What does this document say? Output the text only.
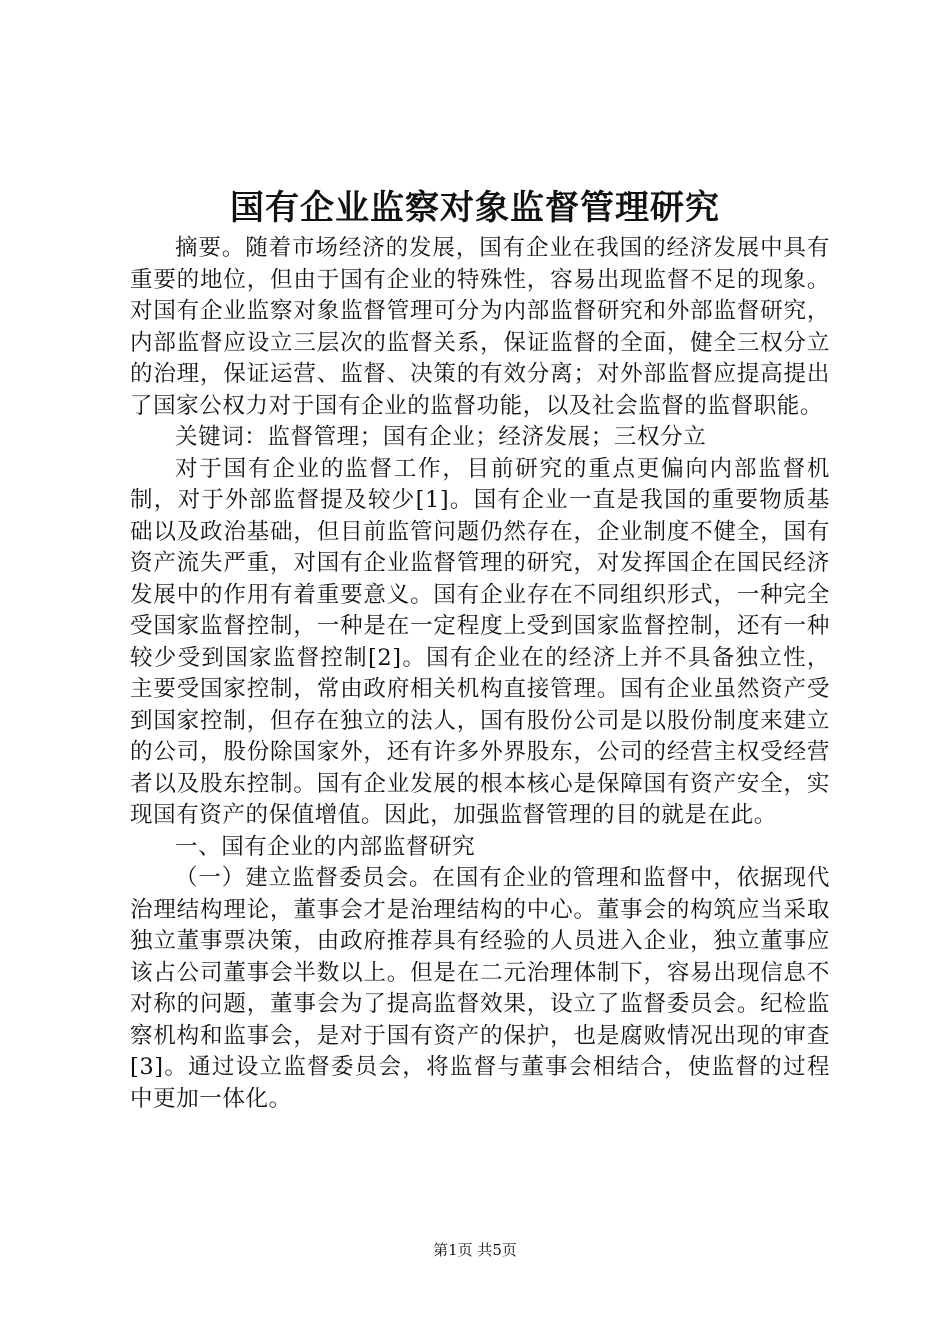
国有企业监察对象监督管理研究

摘要。随着市场经济的发展，国有企业在我国的经济发展中具有重要的地位，但由于国有企业的特殊性，容易出现监督不足的现象。对国有企业监察对象监督管理可分为内部监督研究和外部监督研究，内部监督应设立三层次的监督关系，保证监督的全面，健全三权分立的治理，保证运营、监督、决策的有效分离；对外部监督应提高提出了国家公权力对于国有企业的监督功能，以及社会监督的监督职能。

关键词：监督管理；国有企业；经济发展；三权分立

对于国有企业的监督工作，目前研究的重点更偏向内部监督机制，对于外部监督提及较少[1]。国有企业一直是我国的重要物质基础以及政治基础，但目前监管问题仍然存在，企业制度不健全，国有资产流失严重，对国有企业监督管理的研究，对发挥国企在国民经济发展中的作用有着重要意义。国有企业存在不同组织形式，一种完全受国家监督控制，一种是在一定程度上受到国家监督控制，还有一种较少受到国家监督控制[2]。国有企业在的经济上并不具备独立性，主要受国家控制，常由政府相关机构直接管理。国有企业虽然资产受到国家控制，但存在独立的法人，国有股份公司是以股份制度来建立的公司，股份除国家外，还有许多外界股东，公司的经营主权受经营者以及股东控制。国有企业发展的根本核心是保障国有资产安全，实现国有资产的保值增值。因此，加强监督管理的目的就是在此。

一、国有企业的内部监督研究

（一）建立监督委员会。在国有企业的管理和监督中，依据现代治理结构理论，董事会才是治理结构的中心。董事会的构筑应当采取独立董事票决策，由政府推荐具有经验的人员进入企业，独立董事应该占公司董事会半数以上。但是在二元治理体制下，容易出现信息不对称的问题，董事会为了提高监督效果，设立了监督委员会。纪检监察机构和监事会，是对于国有资产的保护，也是腐败情况出现的审查[3]。通过设立监督委员会，将监督与董事会相结合，使监督的过程中更加一体化。

第1页 共5页
